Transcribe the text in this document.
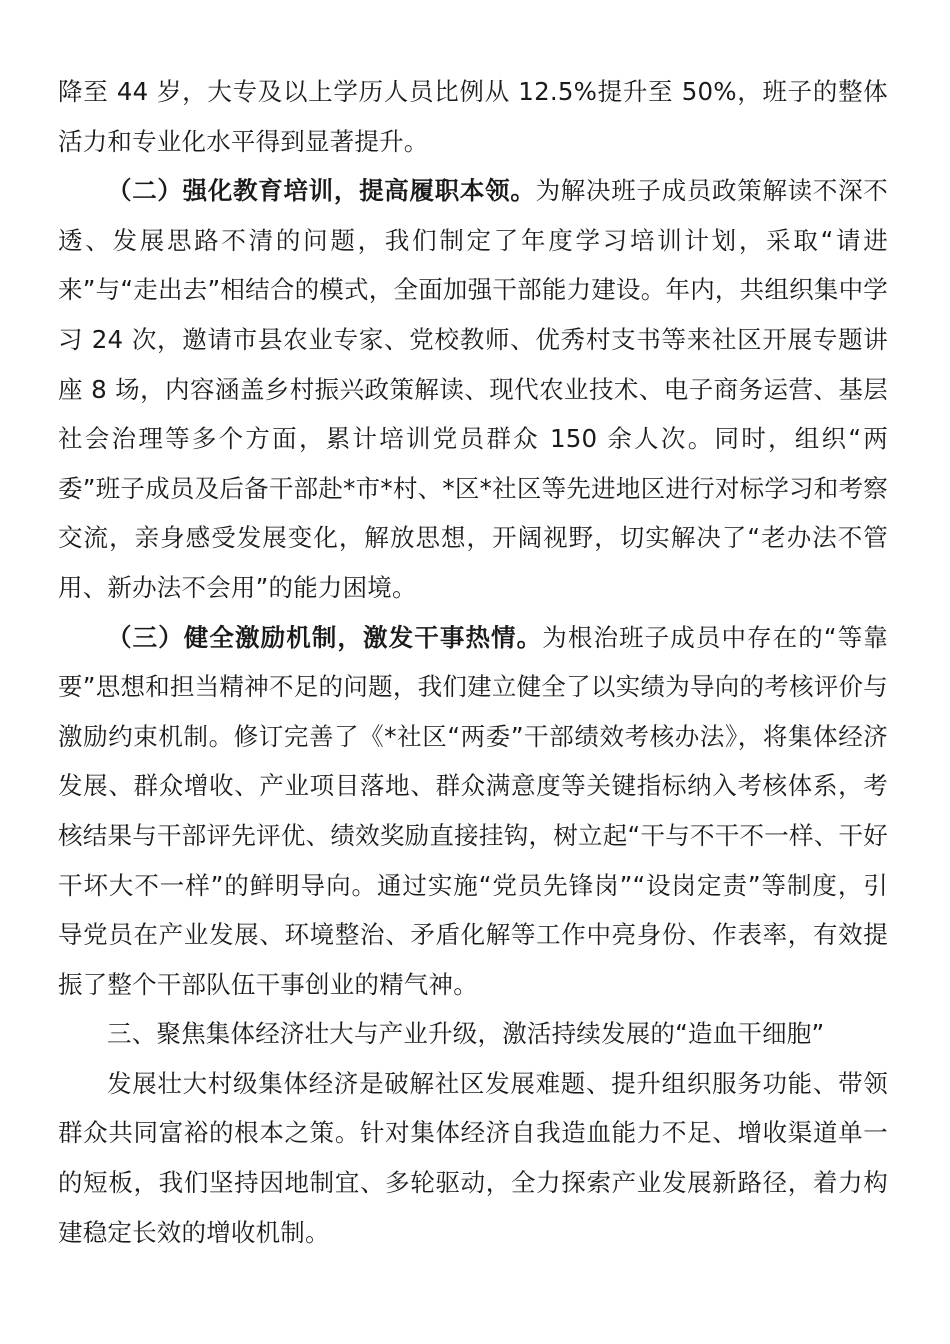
降至 44 岁，大专及以上学历人员比例从 12.5%提升至 50%，班子的整体活力和专业化水平得到显著提升。

（二）强化教育培训，提高履职本领。为解决班子成员政策解读不深不透、发展思路不清的问题，我们制定了年度学习培训计划，采取“请进来”与“走出去”相结合的模式，全面加强干部能力建设。年内，共组织集中学习 24 次，邀请市县农业专家、党校教师、优秀村支书等来社区开展专题讲座 8 场，内容涵盖乡村振兴政策解读、现代农业技术、电子商务运营、基层社会治理等多个方面，累计培训党员群众 150 余人次。同时，组织“两委”班子成员及后备干部赴*市*村、*区*社区等先进地区进行对标学习和考察交流，亲身感受发展变化，解放思想，开阔视野，切实解决了“老办法不管用、新办法不会用”的能力困境。

（三）健全激励机制，激发干事热情。为根治班子成员中存在的“等靠要”思想和担当精神不足的问题，我们建立健全了以实绩为导向的考核评价与激励约束机制。修订完善了《*社区“两委”干部绩效考核办法》，将集体经济发展、群众增收、产业项目落地、群众满意度等关键指标纳入考核体系，考核结果与干部评先评优、绩效奖励直接挂钩，树立起“干与不干不一样、干好干坏大不一样”的鲜明导向。通过实施“党员先锋岗”“设岗定责”等制度，引导党员在产业发展、环境整治、矛盾化解等工作中亮身份、作表率，有效提振了整个干部队伍干事创业的精气神。

三、聚焦集体经济壮大与产业升级，激活持续发展的“造血干细胞”

发展壮大村级集体经济是破解社区发展难题、提升组织服务功能、带领群众共同富裕的根本之策。针对集体经济自我造血能力不足、增收渠道单一的短板，我们坚持因地制宜、多轮驱动，全力探索产业发展新路径，着力构建稳定长效的增收机制。
